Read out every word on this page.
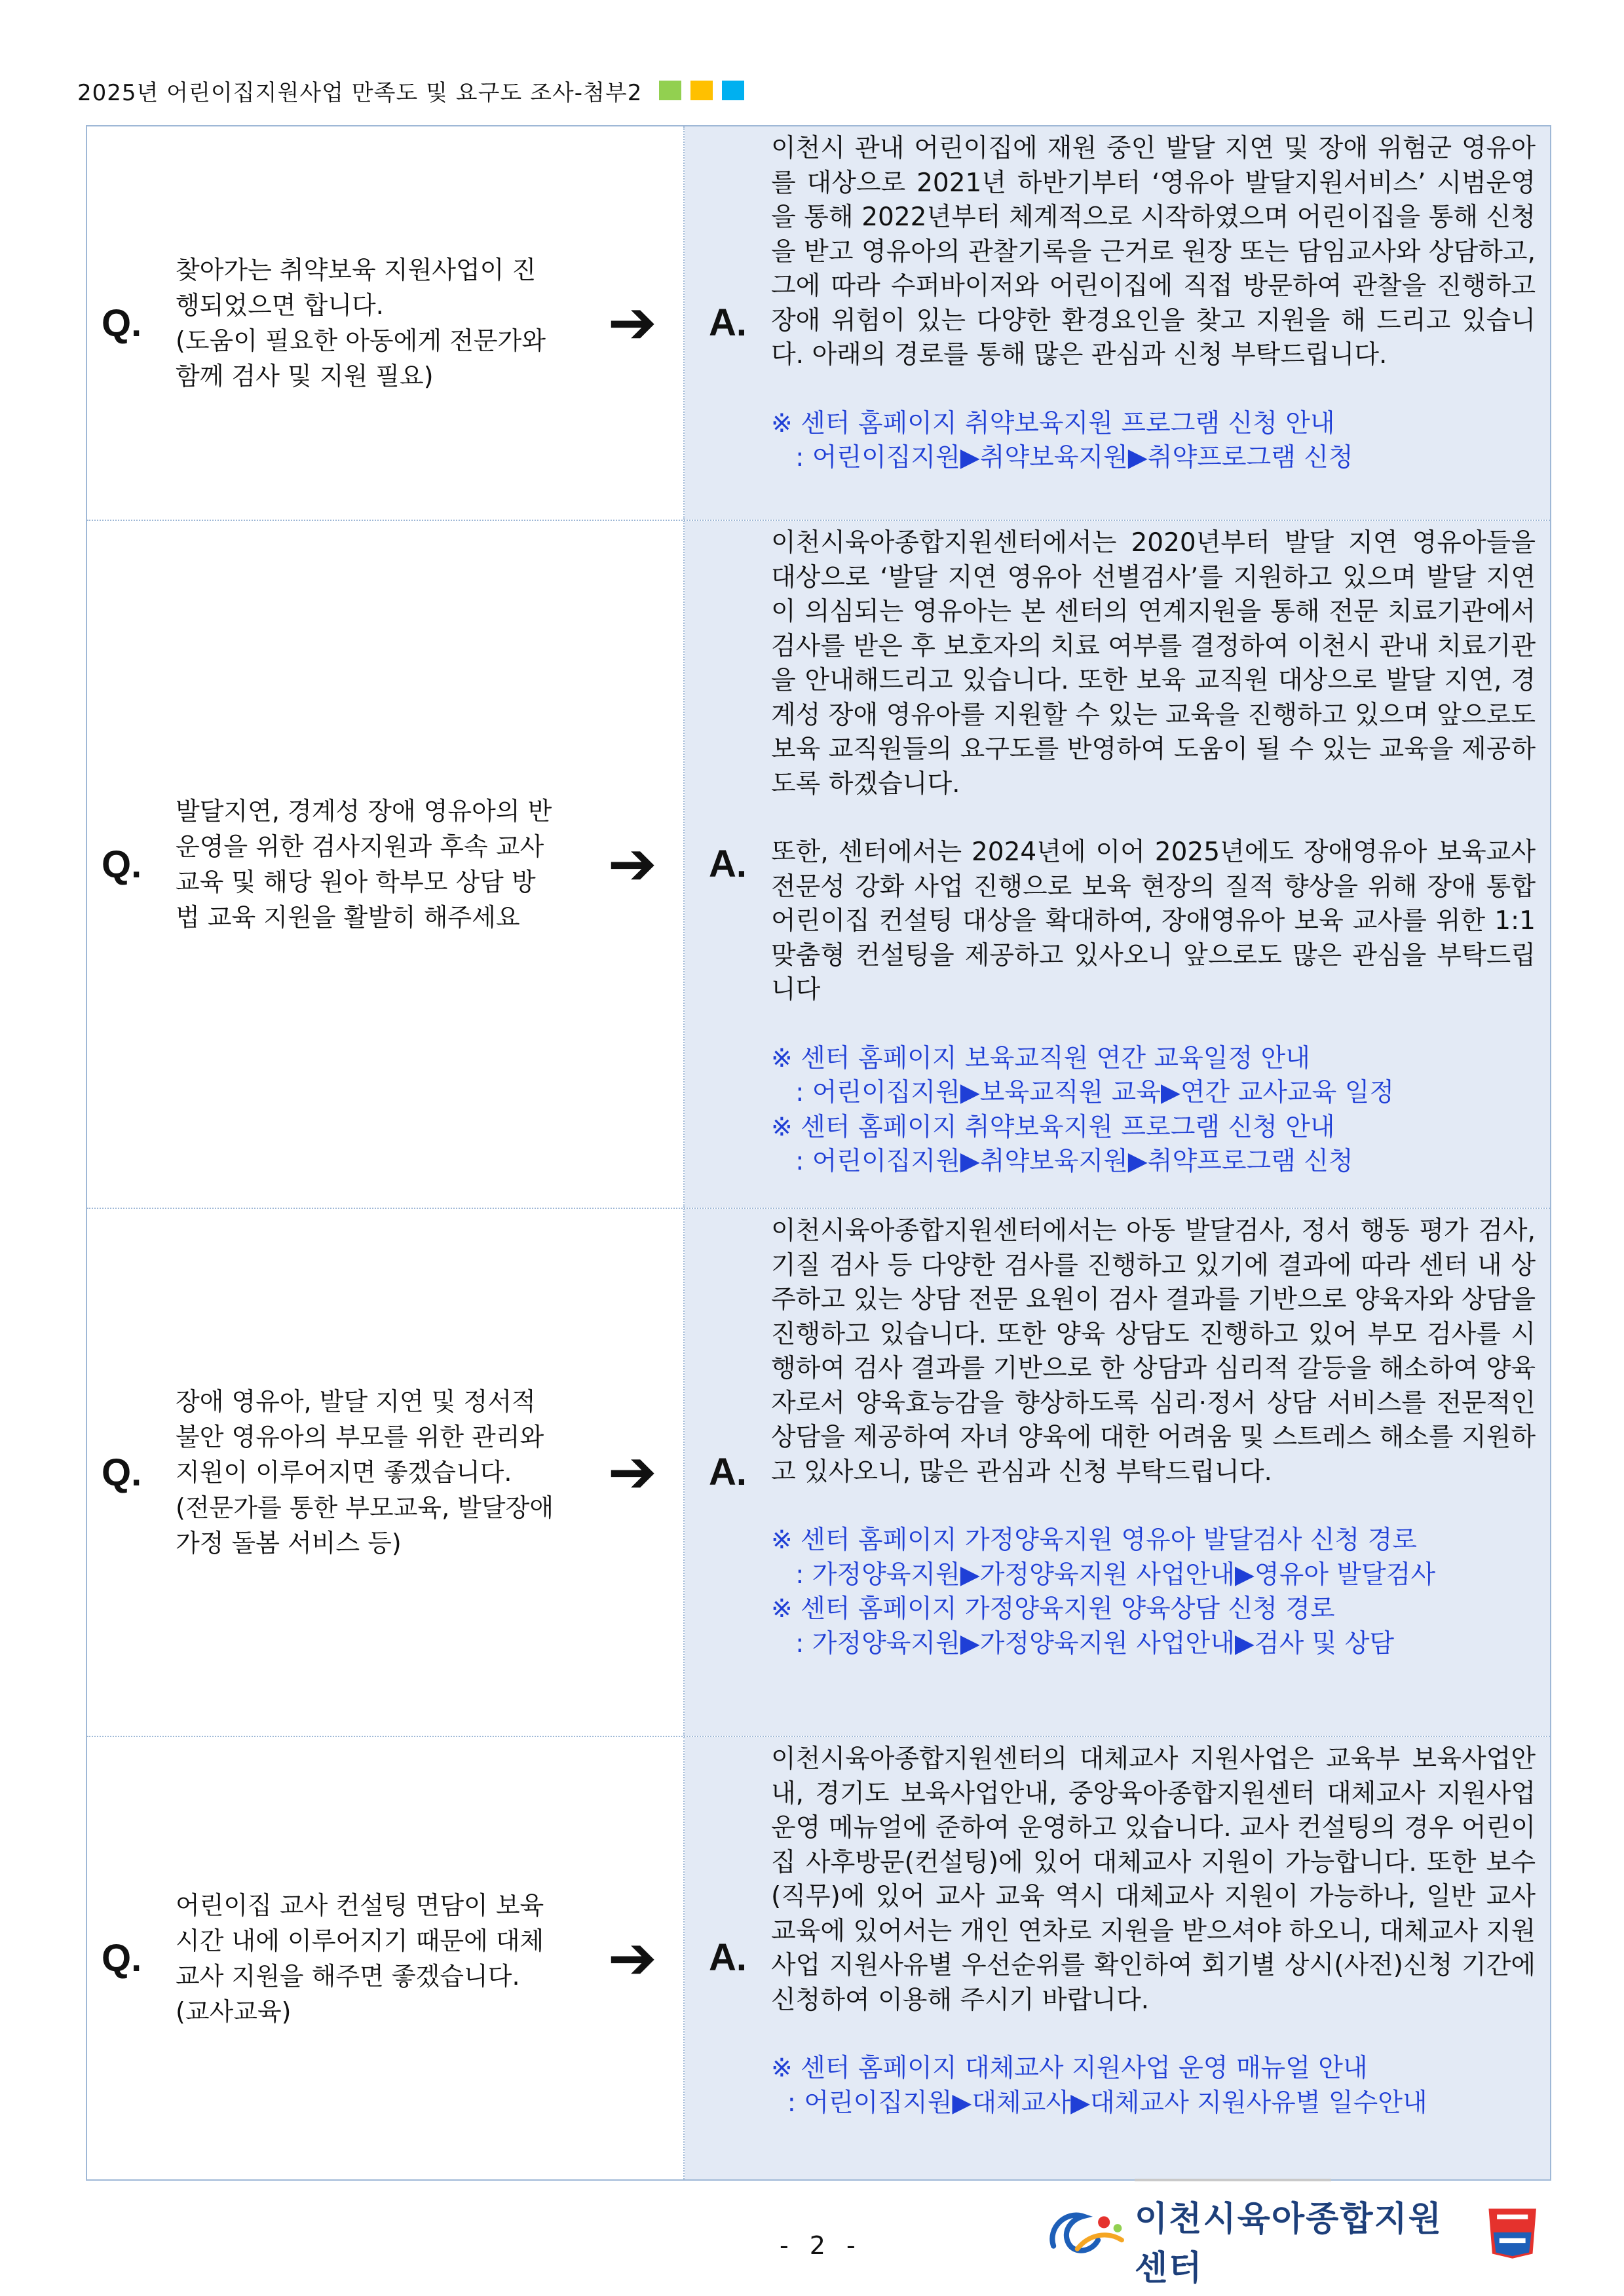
2025년 어린이집지원사업 만족도 및 요구도 조사-첨부2
Q.
찾아가는 취약보육 지원사업이 진행되었으면 합니다.
(도움이 필요한 아동에게 전문가와 함께 검사 및 지원 필요)
➔	A.

이천시 관내 어린이집에 재원 중인 발달 지연 및 장애 위험군 영유아를 대상으로 2021년 하반기부터 ‘영유아 발달지원서비스’ 시범운영을 통해 2022년부터 체계적으로 시작하였으며 어린이집을 통해 신청을 받고 영유아의 관찰기록을 근거로 원장 또는 담임교사와 상담하고, 그에 따라 수퍼바이저와 어린이집에 직접 방문하여 관찰을 진행하고 장애 위험이 있는 다양한 환경요인을 찾고 지원을 해 드리고 있습니다. 아래의 경로를 통해 많은 관심과 신청 부탁드립니다.

※ 센터 홈페이지 취약보육지원 프로그램 신청 안내

: 어린이집지원▶취약보육지원▶취약프로그램 신청

Q.
발달지연, 경계성 장애 영유아의 반운영을 위한 검사지원과 후속 교사 교육 및 해당 원아 학부모 상담 방법 교육 지원을 활발히 해주세요
➔	A.

이천시육아종합지원센터에서는 2020년부터 발달 지연 영유아들을 대상으로 ‘발달 지연 영유아 선별검사’를 지원하고 있으며 발달 지연이 의심되는 영유아는 본 센터의 연계지원을 통해 전문 치료기관에서 검사를 받은 후 보호자의 치료 여부를 결정하여 이천시 관내 치료기관을 안내해드리고 있습니다. 또한 보육 교직원 대상으로 발달 지연, 경계성 장애 영유아를 지원할 수 있는 교육을 진행하고 있으며 앞으로도 보육 교직원들의 요구도를 반영하여 도움이 될 수 있는 교육을 제공하도록 하겠습니다.

또한, 센터에서는 2024년에 이어 2025년에도 장애영유아 보육교사 전문성 강화 사업 진행으로 보육 현장의 질적 향상을 위해 장애 통합 어린이집 컨설팅 대상을 확대하여, 장애영유아 보육 교사를 위한 1:1 맞춤형 컨설팅을 제공하고 있사오니 앞으로도 많은 관심을 부탁드립니다

※ 센터 홈페이지 보육교직원 연간 교육일정 안내

: 어린이집지원▶보육교직원 교육▶연간 교사교육 일정

※ 센터 홈페이지 취약보육지원 프로그램 신청 안내

: 어린이집지원▶취약보육지원▶취약프로그램 신청

Q.
장애 영유아, 발달 지연 및 정서적 불안 영유아의 부모를 위한 관리와 지원이 이루어지면 좋겠습니다.
(전문가를 통한 부모교육, 발달장애 가정 돌봄 서비스 등)
➔	A.

이천시육아종합지원센터에서는 아동 발달검사, 정서 행동 평가 검사, 기질 검사 등 다양한 검사를 진행하고 있기에 결과에 따라 센터 내 상주하고 있는 상담 전문 요원이 검사 결과를 기반으로 양육자와 상담을 진행하고 있습니다. 또한 양육 상담도 진행하고 있어 부모 검사를 시행하여 검사 결과를 기반으로 한 상담과 심리적 갈등을 해소하여 양육자로서 양육효능감을 향상하도록 심리·정서 상담 서비스를 전문적인 상담을 제공하여 자녀 양육에 대한 어려움 및 스트레스 해소를 지원하고 있사오니, 많은 관심과 신청 부탁드립니다.

※ 센터 홈페이지 가정양육지원 영유아 발달검사 신청 경로

: 가정양육지원▶가정양육지원 사업안내▶영유아 발달검사

※ 센터 홈페이지 가정양육지원 양육상담 신청 경로

: 가정양육지원▶가정양육지원 사업안내▶검사 및 상담

Q.
어린이집 교사 컨설팅 면담이 보육 시간 내에 이루어지기 때문에 대체교사 지원을 해주면 좋겠습니다. (교사교육)
➔	A.

이천시육아종합지원센터의 대체교사 지원사업은 교육부 보육사업안내, 경기도 보육사업안내, 중앙육아종합지원센터 대체교사 지원사업 운영 메뉴얼에 준하여 운영하고 있습니다. 교사 컨설팅의 경우 어린이집 사후방문(컨설팅)에 있어 대체교사 지원이 가능합니다. 또한 보수(직무)에 있어 교사 교육 역시 대체교사 지원이 가능하나, 일반 교사 교육에 있어서는 개인 연차로 지원을 받으셔야 하오니, 대체교사 지원사업 지원사유별 우선순위를 확인하여 회기별 상시(사전)신청 기간에 신청하여 이용해 주시기 바랍니다.

※ 센터 홈페이지 대체교사 지원사업 운영 매뉴얼 안내

: 어린이집지원▶대체교사▶대체교사 지원사유별 일수안내

- 2 -
이천시육아종합지원센터
